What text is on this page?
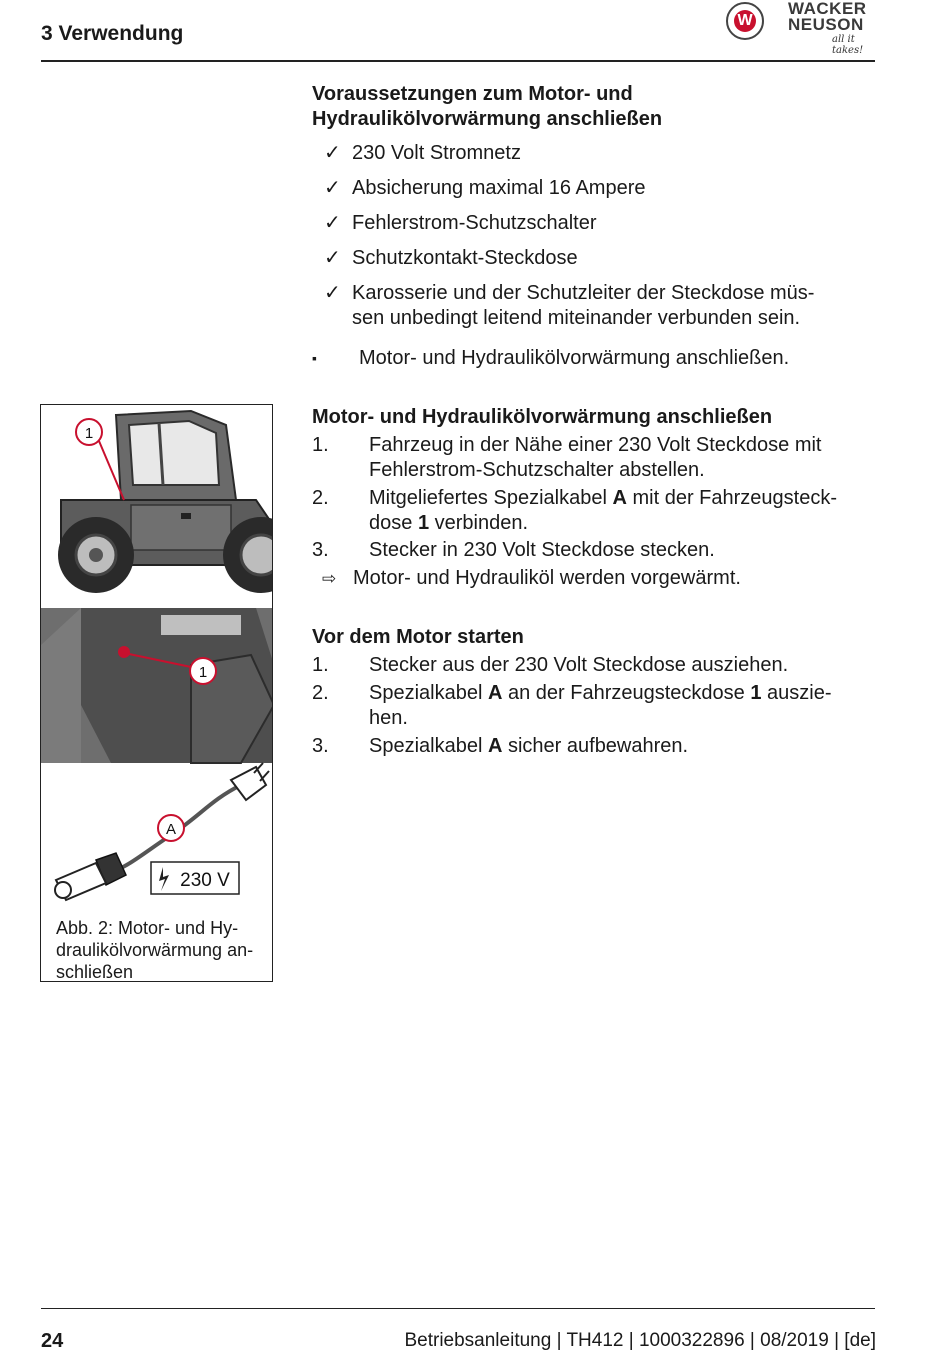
3 Verwendung
W
WACKER
NEUSON
all it takes!
Voraussetzungen zum Motor- und
Hydraulikölvorwärmung anschließen
✓ 230 Volt Stromnetz
✓ Absicherung maximal 16 Ampere
✓ Fehlerstrom-Schutzschalter
✓ Schutzkontakt-Steckdose
✓ Karosserie und der Schutzleiter der Steckdose müs-
sen unbedingt leitend miteinander verbunden sein.
▪ Motor- und Hydraulikölvorwärmung anschließen.
Motor- und Hydraulikölvorwärmung anschließen
1. Fahrzeug in der Nähe einer 230 Volt Steckdose mit
Fehlerstrom-Schutzschalter abstellen.
2. Mitgeliefertes Spezialkabel A mit der Fahrzeugsteck-
dose 1 verbinden.
3. Stecker in 230 Volt Steckdose stecken.
⇨ Motor- und Hydrauliköl werden vorgewärmt.
Vor dem Motor starten
1. Stecker aus der 230 Volt Steckdose ausziehen.
2. Spezialkabel A an der Fahrzeugsteckdose 1 auszie-
hen.
3. Spezialkabel A sicher aufbewahren.
1
1
A
230 V
Abb. 2: Motor- und Hy-
draulikölvorwärmung an-
schließen
24	Betriebsanleitung | TH412 | 1000322896 | 08/2019 | [de]
